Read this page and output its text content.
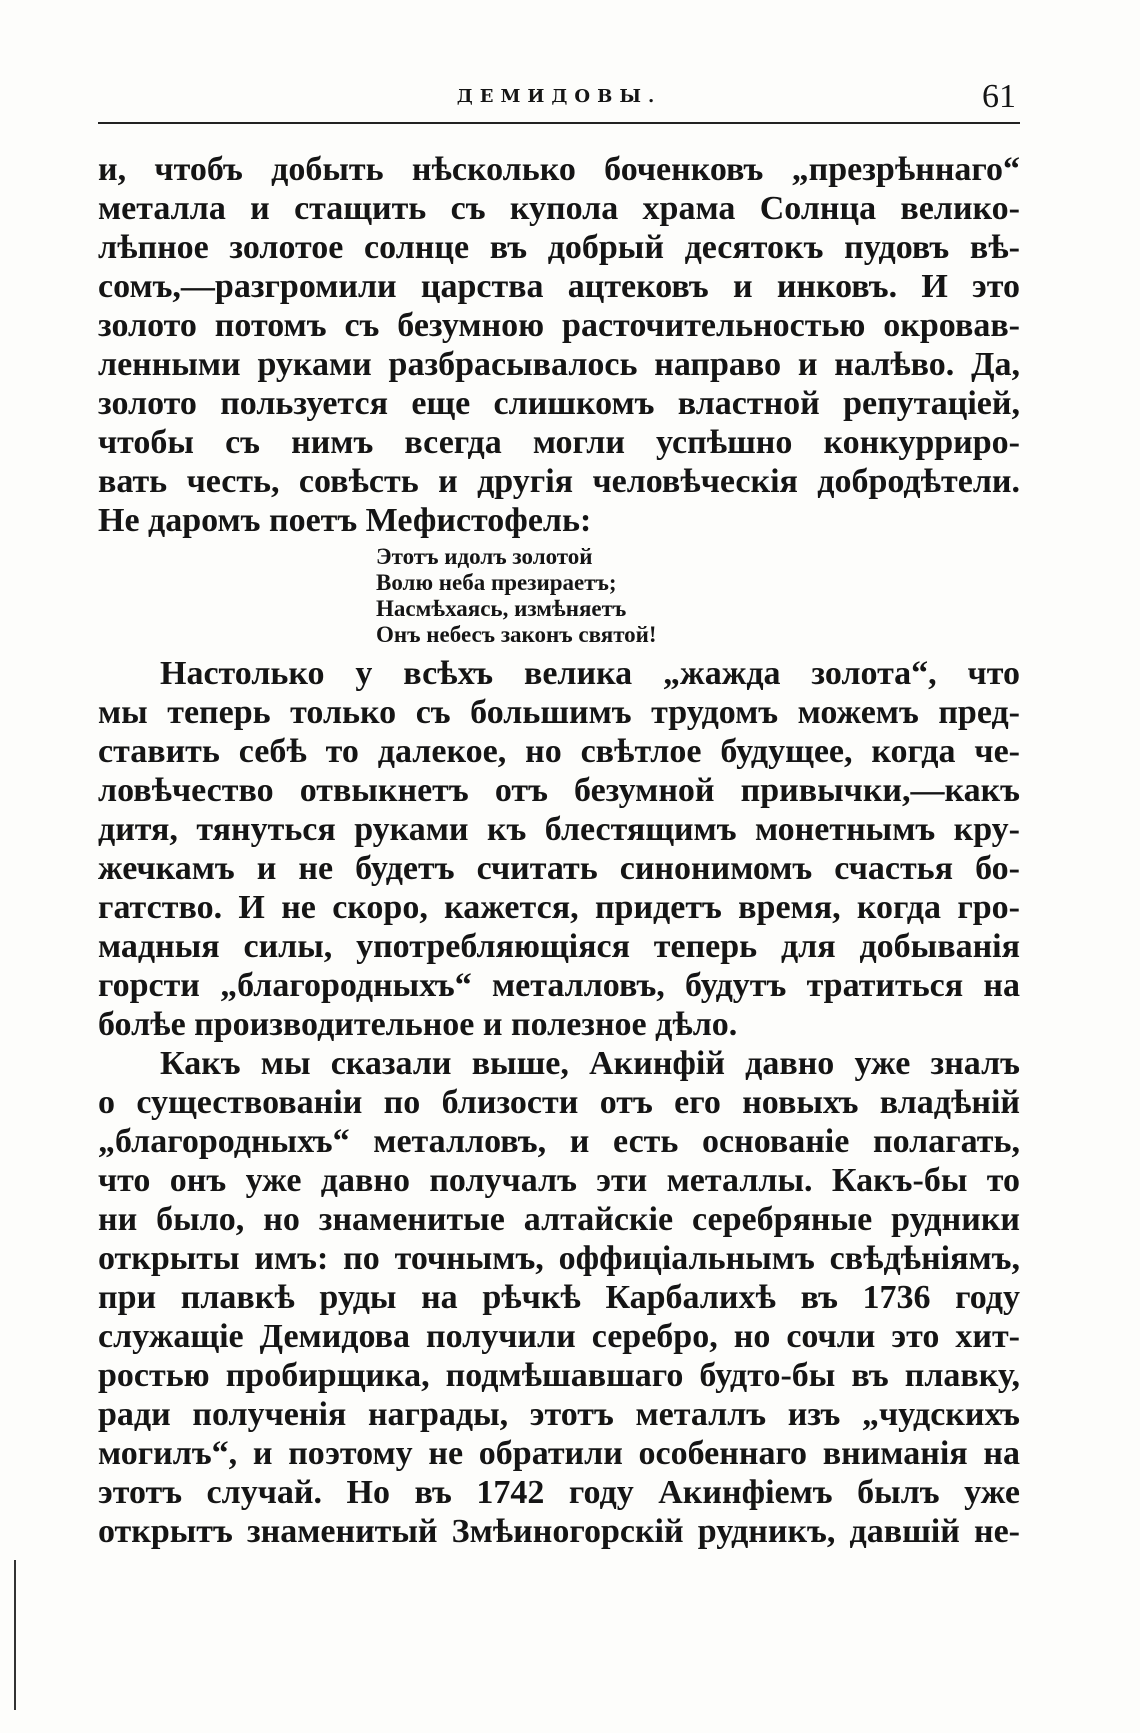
ДЕМИДОВЫ.	61
и, чтобъ добыть нѣсколько боченковъ „презрѣннаго“
металла и стащить съ купола храма Солнца велико-
лѣпное золотое солнце въ добрый десятокъ пудовъ вѣ-
сомъ,—разгромили царства ацтековъ и инковъ. И это
золото потомъ съ безумною расточительностью окровав-
ленными руками разбрасывалось направо и налѣво. Да,
золото пользуется еще слишкомъ властной репутаціей,
чтобы съ нимъ всегда могли успѣшно конкуррирo-
вать честь, совѣсть и другія человѣческія добродѣтели.
Не даромъ поетъ Мефистофель:
Этотъ идолъ золотой
Волю неба презираетъ;
Насмѣхаясь, измѣняетъ
Онъ небесъ законъ святой!
Настолько у всѣхъ велика „жажда золота“, что
мы теперь только съ большимъ трудомъ можемъ пред-
ставить себѣ то далекое, но свѣтлое будущее, когда че-
ловѣчество отвыкнетъ отъ безумной привычки,—какъ
дитя, тянуться руками къ блестящимъ монетнымъ кру-
жечкамъ и не будетъ считать синонимомъ счастья бо-
гатство. И не скоро, кажется, придетъ время, когда гро-
мадныя силы, употребляющіяся теперь для добыванія
горсти „благородныхъ“ металловъ, будутъ тратиться на
болѣе производительное и полезное дѣло.
Какъ мы сказали выше, Акинфій давно уже зналъ
о существованіи по близости отъ его новыхъ владѣній
„благородныхъ“ металловъ, и есть основаніе полагать,
что онъ уже давно получалъ эти металлы. Какъ-бы то
ни было, но знаменитые алтайскіе серебряные рудники
открыты имъ: по точнымъ, оффиціальнымъ свѣдѣніямъ,
при плавкѣ руды на рѣчкѣ Карбалихѣ въ 1736 году
служащіе Демидова получили серебро, но сочли это хит-
ростью пробирщика, подмѣшавшаго будто-бы въ плавку,
ради полученія награды, этотъ металлъ изъ „чудскихъ
могилъ“, и поэтому не обратили особеннаго вниманія на
этотъ случай. Но въ 1742 году Акинфіемъ былъ уже
открытъ знаменитый Змѣиногорскій рудникъ, давшій не-
